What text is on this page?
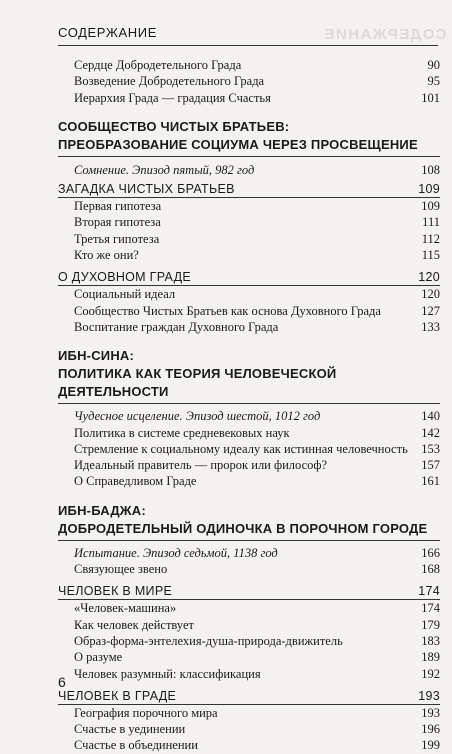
СОДЕРЖАНИЕ
СОДЕРЖАНИЕ
Сердце Добродетельного Града	90
Возведение Добродетельного Града	95
Иерархия Града — градация Счастья	101
СООБЩЕСТВО ЧИСТЫХ БРАТЬЕВ:
ПРЕОБРАЗОВАНИЕ СОЦИУМА ЧЕРЕЗ ПРОСВЕЩЕНИЕ
Сомнение. Эпизод пятый, 982 год	108
ЗАГАДКА ЧИСТЫХ БРАТЬЕВ	109
Первая гипотеза	109
Вторая гипотеза	111
Третья гипотеза	112
Кто же они?	115
О ДУХОВНОМ ГРАДЕ	120
Социальный идеал	120
Сообщество Чистых Братьев как основа Духовного Града	127
Воспитание граждан Духовного Града	133
ИБН-СИНА:
ПОЛИТИКА КАК ТЕОРИЯ ЧЕЛОВЕЧЕСКОЙ ДЕЯТЕЛЬНОСТИ
Чудесное исцеление. Эпизод шестой, 1012 год	140
Политика в системе средневековых наук	142
Стремление к социальному идеалу как истинная человечность 153
Идеальный правитель — пророк или философ?	157
О Справедливом Граде	161
ИБН-БАДЖА:
ДОБРОДЕТЕЛЬНЫЙ ОДИНОЧКА В ПОРОЧНОМ ГОРОДЕ
Испытание. Эпизод седьмой, 1138 год	166
Связующее звено	168
ЧЕЛОВЕК В МИРЕ	174
«Человек-машина»	174
Как человек действует	179
Образ-форма-энтелехия-душа-природа-движитель	183
О разуме	189
Человек разумный: классификация	192
ЧЕЛОВЕК В ГРАДЕ	193
География порочного мира	193
Счастье в уединении	196
Счастье в объединении	199
6
